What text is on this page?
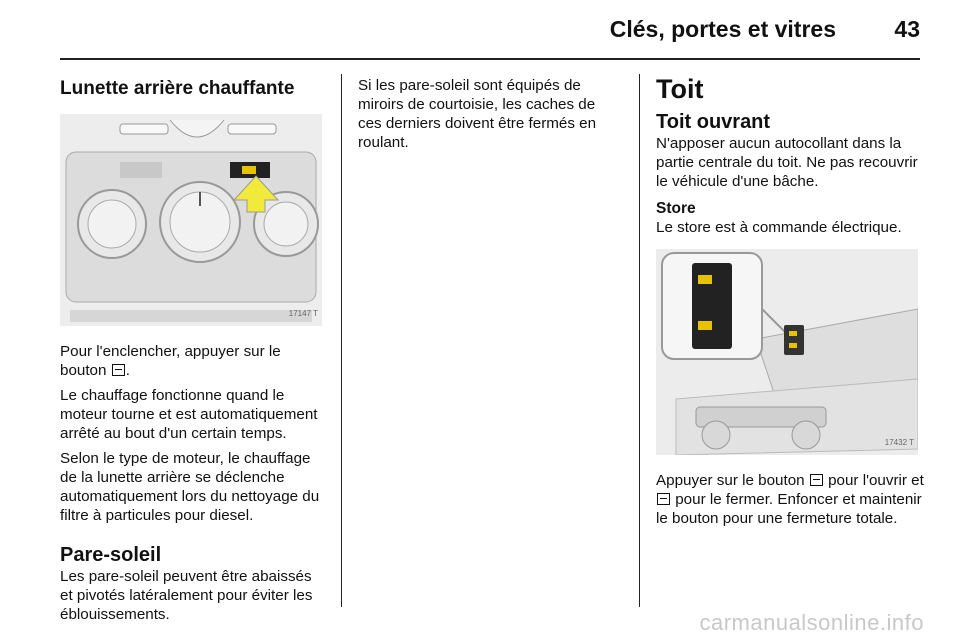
Clés, portes et vitres	43
Lunette arrière chauffante
17147 T

Pour l'enclencher, appuyer sur le bouton .

Le chauffage fonctionne quand le moteur tourne et est automatiquement arrêté au bout d'un certain temps.

Selon le type de moteur, le chauffage de la lunette arrière se déclenche automatiquement lors du nettoyage du filtre à particules pour diesel.

Pare-soleil

Les pare-soleil peuvent être abaissés et pivotés latéralement pour éviter les éblouissements.

Si les pare-soleil sont équipés de miroirs de courtoisie, les caches de ces derniers doivent être fermés en roulant.

Toit
Toit ouvrant

N'apposer aucun autocollant dans la partie centrale du toit. Ne pas recouvrir le véhicule d'une bâche.

Store

Le store est à commande électrique.

17432 T

Appuyer sur le bouton pour l'ouvrir et  pour le fermer. Enfoncer et maintenir le bouton pour une fermeture totale.

carmanualsonline.info
